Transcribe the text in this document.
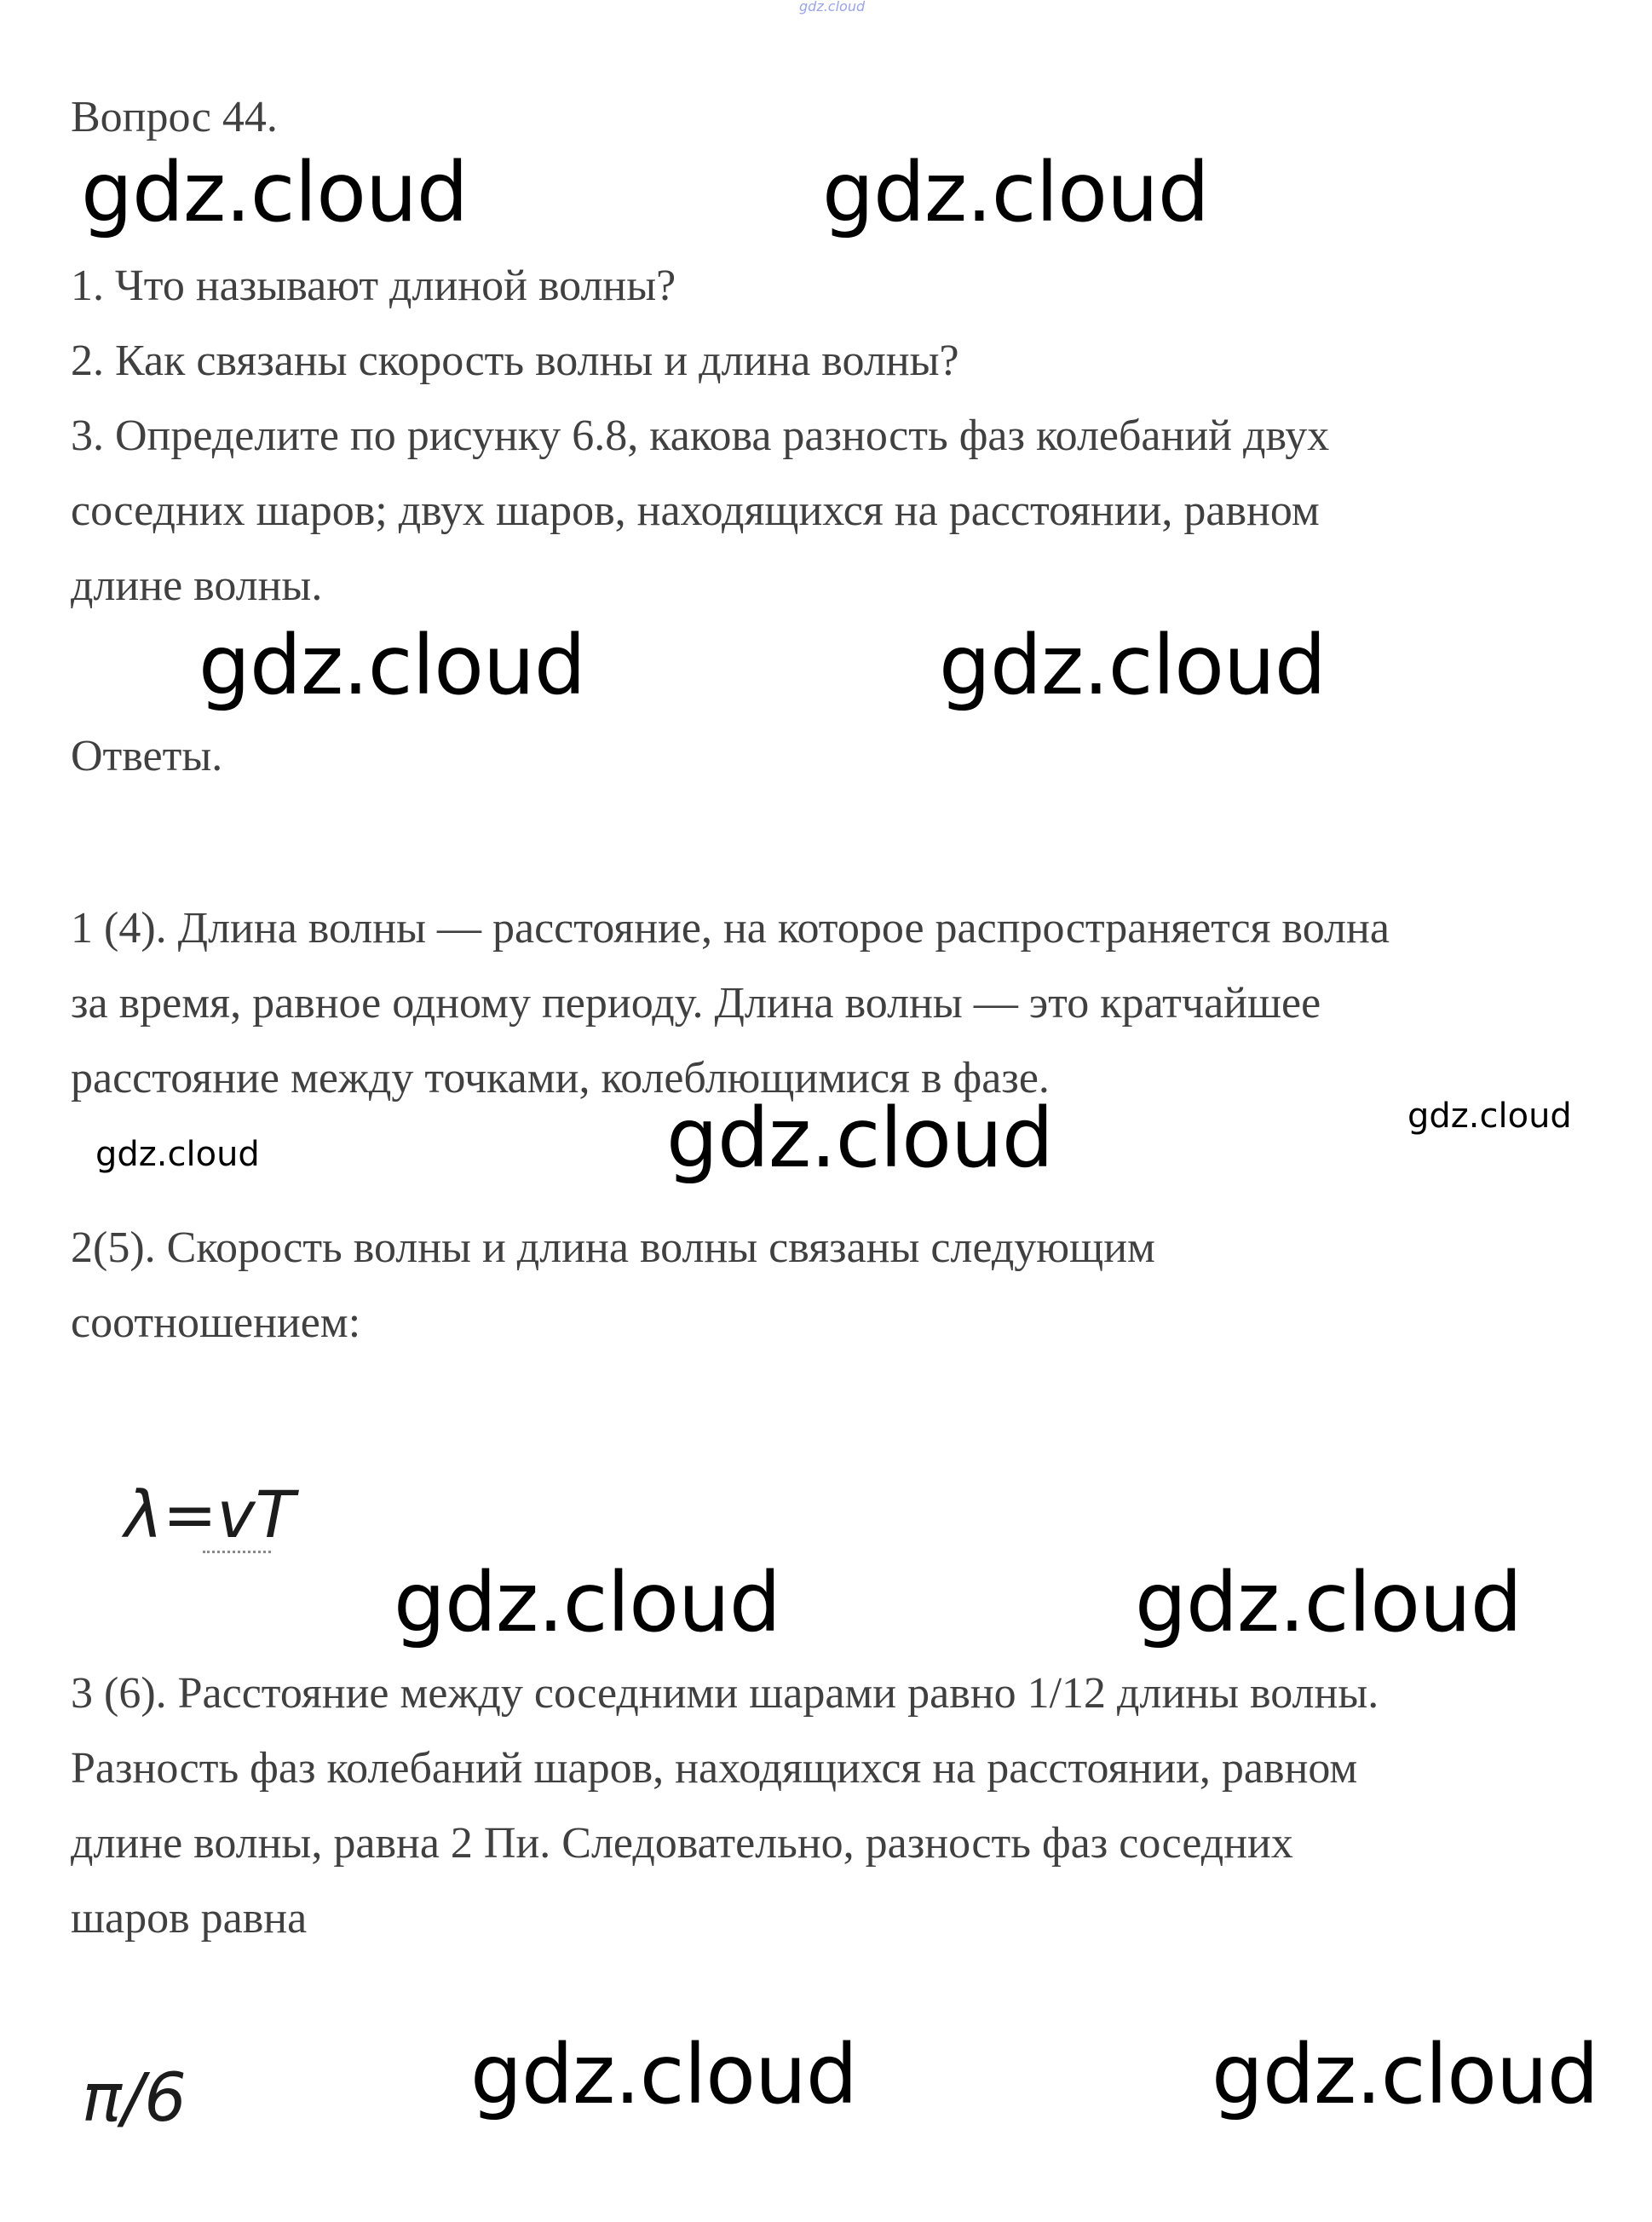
gdz.cloud
Вопрос 44.
gdz.cloud	gdz.cloud
1. Что называют длиной волны?
2. Как связаны скорость волны и длина волны?
3. Определите по рисунку 6.8, какова разность фаз колебаний двух
соседних шаров; двух шаров, находящихся на расстоянии, равном
длине волны.
gdz.cloud	gdz.cloud
Ответы.
1 (4). Длина волны — расстояние, на которое распространяется волна
за время, равное одному периоду. Длина волны — это кратчайшее
расстояние между точками, колеблющимися в фазе.
gdz.cloud
gdz.cloud
gdz.cloud
2(5). Скорость волны и длина волны связаны следующим
соотношением:
λ=vT
gdz.cloud	gdz.cloud
3 (6). Расстояние между соседними шарами равно 1/12 длины волны.
Разность фаз колебаний шаров, находящихся на расстоянии, равном
длине волны, равна 2 Пи. Следовательно, разность фаз соседних
шаров равна
π/6	gdz.cloud	gdz.cloud
